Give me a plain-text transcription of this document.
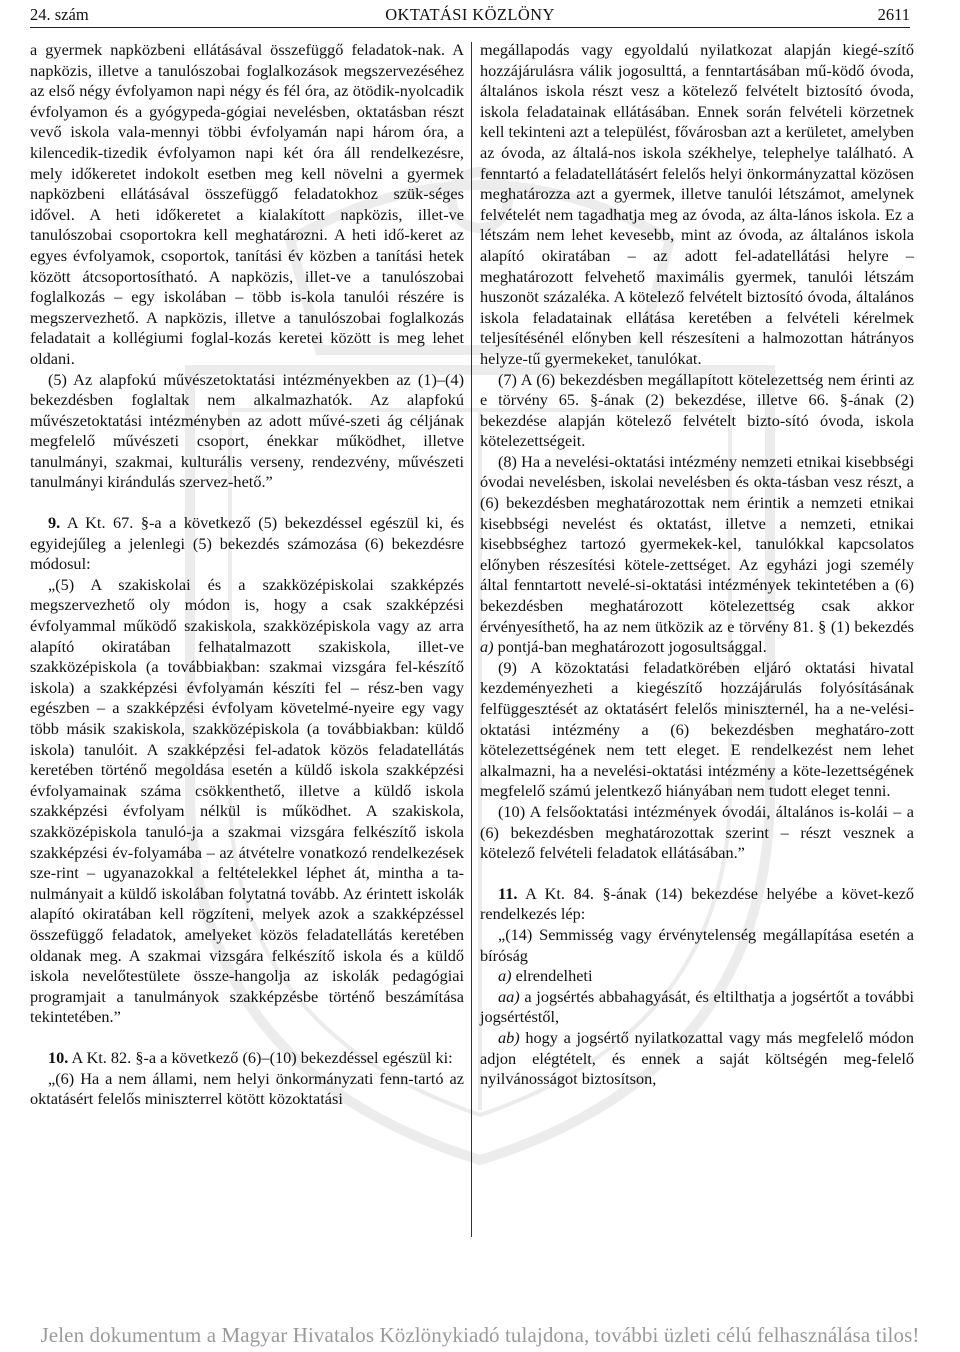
24. szám	OKTATÁSI KÖZLÖNY	2611

a gyermek napközbeni ellátásával összefüggő feladatok-nak. A napközis, illetve a tanulószobai foglalkozások megszervezéséhez az első négy évfolyamon napi négy és fél óra, az ötödik-nyolcadik évfolyamon és a gyógypeda-gógiai nevelésben, oktatásban részt vevő iskola vala-mennyi többi évfolyamán napi három óra, a kilencedik-tizedik évfolyamon napi két óra áll rendelkezésre, mely időkeretet indokolt esetben meg kell növelni a gyermek napközbeni ellátásával összefüggő feladatokhoz szük-séges idővel. A heti időkeretet a kialakított napközis, illet-ve tanulószobai csoportokra kell meghatározni. A heti idő-keret az egyes évfolyamok, csoportok, tanítási év közben a tanítási hetek között átcsoportosítható. A napközis, illet-ve a tanulószobai foglalkozás – egy iskolában – több is-kola tanulói részére is megszervezhető. A napközis, illetve a tanulószobai foglalkozás feladatait a kollégiumi foglal-kozás keretei között is meg lehet oldani.

(5) Az alapfokú művészetoktatási intézményekben az (1)–(4) bekezdésben foglaltak nem alkalmazhatók. Az alapfokú művészetoktatási intézményben az adott művé-szeti ág céljának megfelelő művészeti csoport, énekkar működhet, illetve tanulmányi, szakmai, kulturális verseny, rendezvény, művészeti tanulmányi kirándulás szervez-hető.”

9. A Kt. 67. §-a a következő (5) bekezdéssel egészül ki, és egyidejűleg a jelenlegi (5) bekezdés számozása (6) bekezdésre módosul:

„(5) A szakiskolai és a szakközépiskolai szakképzés megszervezhető oly módon is, hogy a csak szakképzési évfolyammal működő szakiskola, szakközépiskola vagy az arra alapító okiratában felhatalmazott szakiskola, illet-ve szakközépiskola (a továbbiakban: szakmai vizsgára fel-készítő iskola) a szakképzési évfolyamán készíti fel – rész-ben vagy egészben – a szakképzési évfolyam követelmé-nyeire egy vagy több másik szakiskola, szakközépiskola (a továbbiakban: küldő iskola) tanulóit. A szakképzési fel-adatok közös feladatellátás keretében történő megoldása esetén a küldő iskola szakképzési évfolyamainak száma csökkenthető, illetve a küldő iskola szakképzési évfolyam nélkül is működhet. A szakiskola, szakközépiskola tanuló-ja a szakmai vizsgára felkészítő iskola szakképzési év-folyamába – az átvételre vonatkozó rendelkezések sze-rint – ugyanazokkal a feltételekkel léphet át, mintha a ta-nulmányait a küldő iskolában folytatná tovább. Az érintett iskolák alapító okiratában kell rögzíteni, melyek azok a szakképzéssel összefüggő feladatok, amelyeket közös feladatellátás keretében oldanak meg. A szakmai vizsgára felkészítő iskola és a küldő iskola nevelőtestülete össze-hangolja az iskolák pedagógiai programjait a tanulmányok szakképzésbe történő beszámítása tekintetében.”

10. A Kt. 82. §-a a következő (6)–(10) bekezdéssel egészül ki:

„(6) Ha a nem állami, nem helyi önkormányzati fenn-tartó az oktatásért felelős miniszterrel kötött közoktatási

megállapodás vagy egyoldalú nyilatkozat alapján kiegé-szítő hozzájárulásra válik jogosulttá, a fenntartásában mű-ködő óvoda, általános iskola részt vesz a kötelező felvételt biztosító óvoda, iskola feladatainak ellátásában. Ennek során felvételi körzetnek kell tekinteni azt a települést, fővárosban azt a kerületet, amelyben az óvoda, az általá-nos iskola székhelye, telephelye található. A fenntartó a feladatellátásért felelős helyi önkormányzattal közösen meghatározza azt a gyermek, illetve tanulói létszámot, amelynek felvételét nem tagadhatja meg az óvoda, az álta-lános iskola. Ez a létszám nem lehet kevesebb, mint az óvoda, az általános iskola alapító okiratában – az adott fel-adatellátási helyre – meghatározott felvehető maximális gyermek, tanulói létszám huszonöt százaléka. A kötelező felvételt biztosító óvoda, általános iskola feladatainak ellátása keretében a felvételi kérelmek teljesítésénél előnyben kell részesíteni a halmozottan hátrányos helyze-tű gyermekeket, tanulókat.

(7) A (6) bekezdésben megállapított kötelezettség nem érinti az e törvény 65. §-ának (2) bekezdése, illetve 66. §-ának (2) bekezdése alapján kötelező felvételt bizto-sító óvoda, iskola kötelezettségeit.

(8) Ha a nevelési-oktatási intézmény nemzeti etnikai kisebbségi óvodai nevelésben, iskolai nevelésben és okta-tásban vesz részt, a (6) bekezdésben meghatározottak nem érintik a nemzeti etnikai kisebbségi nevelést és oktatást, illetve a nemzeti, etnikai kisebbséghez tartozó gyermekek-kel, tanulókkal kapcsolatos előnyben részesítési kötele-zettséget. Az egyházi jogi személy által fenntartott nevelé-si-oktatási intézmények tekintetében a (6) bekezdésben meghatározott kötelezettség csak akkor érvényesíthető, ha az nem ütközik az e törvény 81. § (1) bekezdés a) pontjá-ban meghatározott jogosultsággal.

(9) A közoktatási feladatkörében eljáró oktatási hivatal kezdeményezheti a kiegészítő hozzájárulás folyósításának felfüggesztését az oktatásért felelős miniszternél, ha a ne-velési-oktatási intézmény a (6) bekezdésben meghatáro-zott kötelezettségének nem tett eleget. E rendelkezést nem lehet alkalmazni, ha a nevelési-oktatási intézmény a köte-lezettségének megfelelő számú jelentkező hiányában nem tudott eleget tenni.

(10) A felsőoktatási intézmények óvodái, általános is-kolái – a (6) bekezdésben meghatározottak szerint – részt vesznek a kötelező felvételi feladatok ellátásában.”

11. A Kt. 84. §-ának (14) bekezdése helyébe a követ-kező rendelkezés lép:

„(14) Semmisség vagy érvénytelenség megállapítása esetén a bíróság

a) elrendelheti

aa) a jogsértés abbahagyását, és eltilthatja a jogsértőt a további jogsértéstől,

ab) hogy a jogsértő nyilatkozattal vagy más megfelelő módon adjon elégtételt, és ennek a saját költségén meg-felelő nyilvánosságot biztosítson,

Jelen dokumentum a Magyar Hivatalos Közlönykiadó tulajdona, további üzleti célú felhasználása tilos!
